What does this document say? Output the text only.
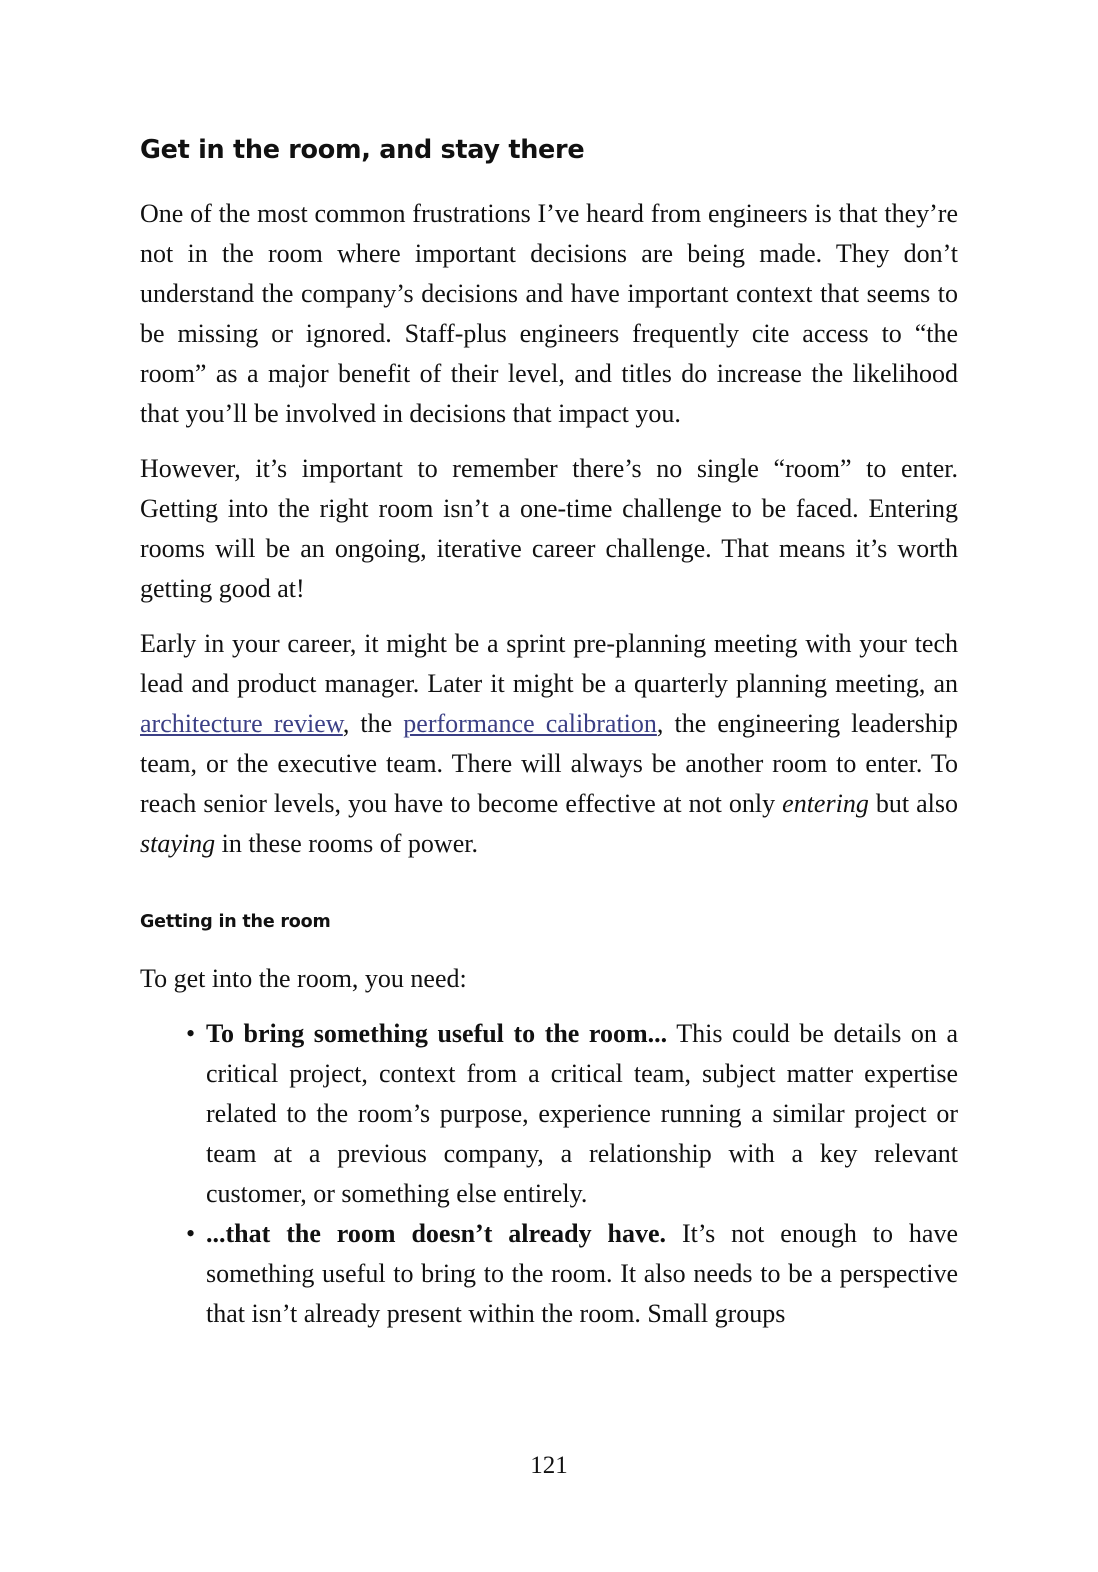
Get in the room, and stay there

One of the most common frustrations I’ve heard from engineers is that they’re not in the room where important decisions are being made. They don’t understand the company’s decisions and have important context that seems to be missing or ignored. Staff-plus engineers frequently cite access to “the room” as a major benefit of their level, and titles do increase the likelihood that you’ll be involved in decisions that impact you.

However, it’s important to remember there’s no single “room” to enter. Getting into the right room isn’t a one-time challenge to be faced. Entering rooms will be an ongoing, iterative career challenge. That means it’s worth getting good at!

Early in your career, it might be a sprint pre-planning meeting with your tech lead and product manager. Later it might be a quarterly planning meeting, an architecture review, the performance calibration, the engineering leadership team, or the executive team. There will always be another room to enter. To reach senior levels, you have to become effective at not only entering but also staying in these rooms of power.

Getting in the room

To get into the room, you need:

• To bring something useful to the room... This could be details on a critical project, context from a critical team, subject matter expertise related to the room’s purpose, experience running a similar project or team at a previous company, a relationship with a key relevant customer, or something else entirely.
• ...that the room doesn’t already have. It’s not enough to have something useful to bring to the room. It also needs to be a perspective that isn’t already present within the room. Small groups
121
